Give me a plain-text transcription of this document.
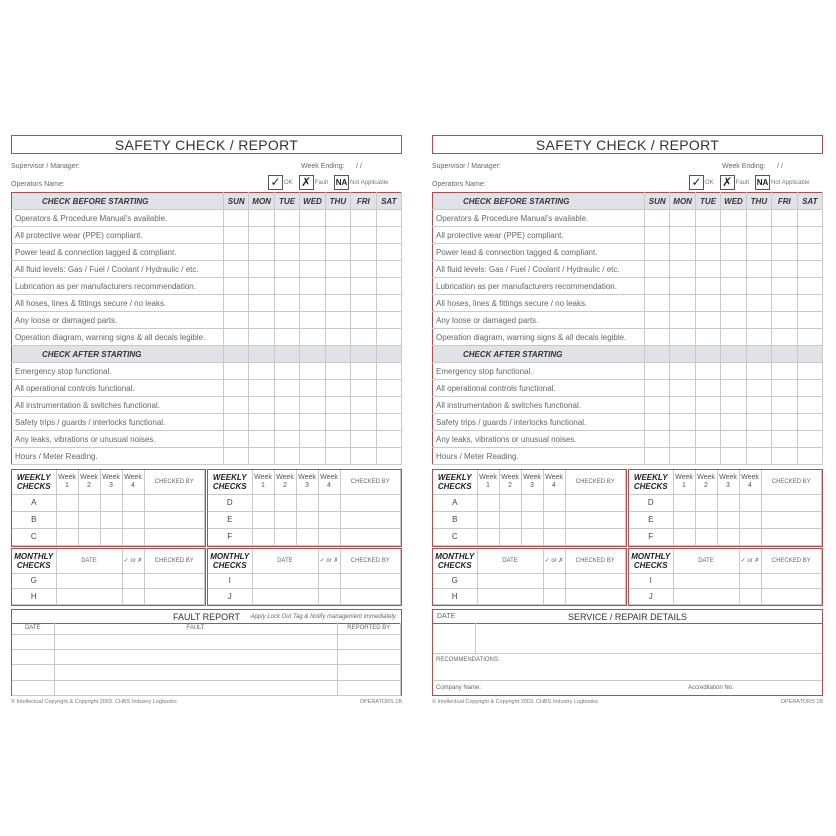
SAFETY CHECK / REPORT
Supervisor / Manager:	Week Ending: / /
Operators Name:	✓ OK ✗ Fault NA Not Applicable
CHECK BEFORE STARTING	SUN	MON	TUE	WED	THU	FRI	SAT
Operators & Procedure Manual's available.							
All protective wear (PPE) compliant.							
Power lead & connection tagged & compliant.							
All fluid levels: Gas / Fuel / Coolant / Hydraulic / etc.							
Lubrication as per manufacturers recommendation.							
All hoses, lines & fittings secure / no leaks.							
Any loose or damaged parts.							
Operation diagram, warning signs & all decals legible.							
CHECK AFTER STARTING							
Emergency stop functional.							
All operational controls functional.							
All instrumentation & switches functional.							
Safety trips / guards / interlocks functional.							
Any leaks, vibrations or unusual noises.							
Hours / Meter Reading.							
WEEKLY CHECKS	Week 1	Week 2	Week 3	Week 4	CHECKED BY
A					
B					
C					
WEEKLY CHECKS	Week 1	Week 2	Week 3	Week 4	CHECKED BY
D					
E					
F					
MONTHLY CHECKS	DATE	✓ or ✗	CHECKED BY
G			
H			
MONTHLY CHECKS	DATE	✓ or ✗	CHECKED BY
I			
J			
FAULT REPORT	Apply Lock Out Tag & Notify management immediately.
DATE	FAULT	REPORTED BY

© Intellectual Copyright & Copyright 2003. CHBS Industry Logbooks	OPERATORS 1B
SAFETY CHECK / REPORT
Supervisor / Manager:	Week Ending: / /
Operators Name:	✓ OK ✗ Fault NA Not Applicable
CHECK BEFORE STARTING	SUN	MON	TUE	WED	THU	FRI	SAT
Operators & Procedure Manual's available.							
All protective wear (PPE) compliant.							
Power lead & connection tagged & compliant.							
All fluid levels: Gas / Fuel / Coolant / Hydraulic / etc.							
Lubrication as per manufacturers recommendation.							
All hoses, lines & fittings secure / no leaks.							
Any loose or damaged parts.							
Operation diagram, warning signs & all decals legible.							
CHECK AFTER STARTING							
Emergency stop functional.							
All operational controls functional.							
All instrumentation & switches functional.							
Safety trips / guards / interlocks functional.							
Any leaks, vibrations or unusual noises.							
Hours / Meter Reading.							
WEEKLY CHECKS	Week 1	Week 2	Week 3	Week 4	CHECKED BY
A					
B					
C					
WEEKLY CHECKS	Week 1	Week 2	Week 3	Week 4	CHECKED BY
D					
E					
F					
MONTHLY CHECKS	DATE	✓ or ✗	CHECKED BY
G			
H			
MONTHLY CHECKS	DATE	✓ or ✗	CHECKED BY
I			
J			
DATE	SERVICE / REPAIR DETAILS
RECOMMENDATIONS:
Company Name:	Accreditation No.
© Intellectual Copyright & Copyright 2003. CHBS Industry Logbooks	OPERATORS 1B
